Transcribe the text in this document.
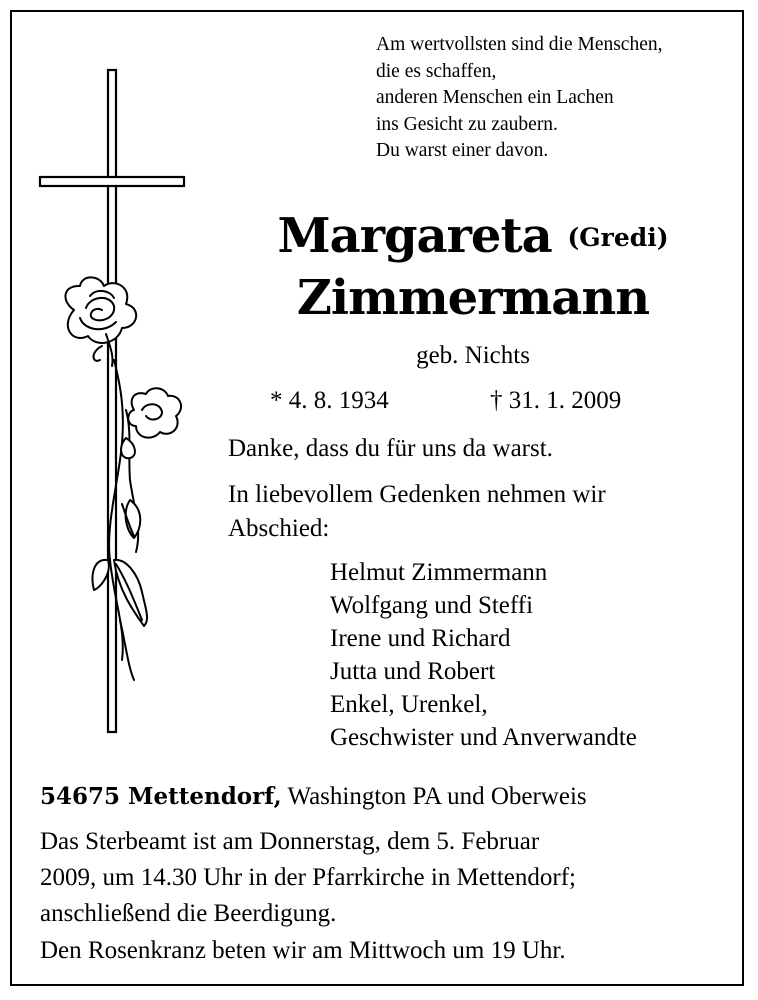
Am wertvollsten sind die Menschen,
die es schaffen,
anderen Menschen ein Lachen
ins Gesicht zu zaubern.
Du warst einer davon.
Margareta (Gredi)
Zimmermann
geb. Nichts
* 4. 8. 1934	† 31. 1. 2009
Danke, dass du für uns da warst.
In liebevollem Gedenken nehmen wir
Abschied:
Helmut Zimmermann
Wolfgang und Steffi
Irene und Richard
Jutta und Robert
Enkel, Urenkel,
Geschwister und Anverwandte
54675 Mettendorf, Washington PA und Oberweis
Das Sterbeamt ist am Donnerstag, dem 5. Februar
2009, um 14.30 Uhr in der Pfarrkirche in Mettendorf;
anschließend die Beerdigung.
Den Rosenkranz beten wir am Mittwoch um 19 Uhr.
